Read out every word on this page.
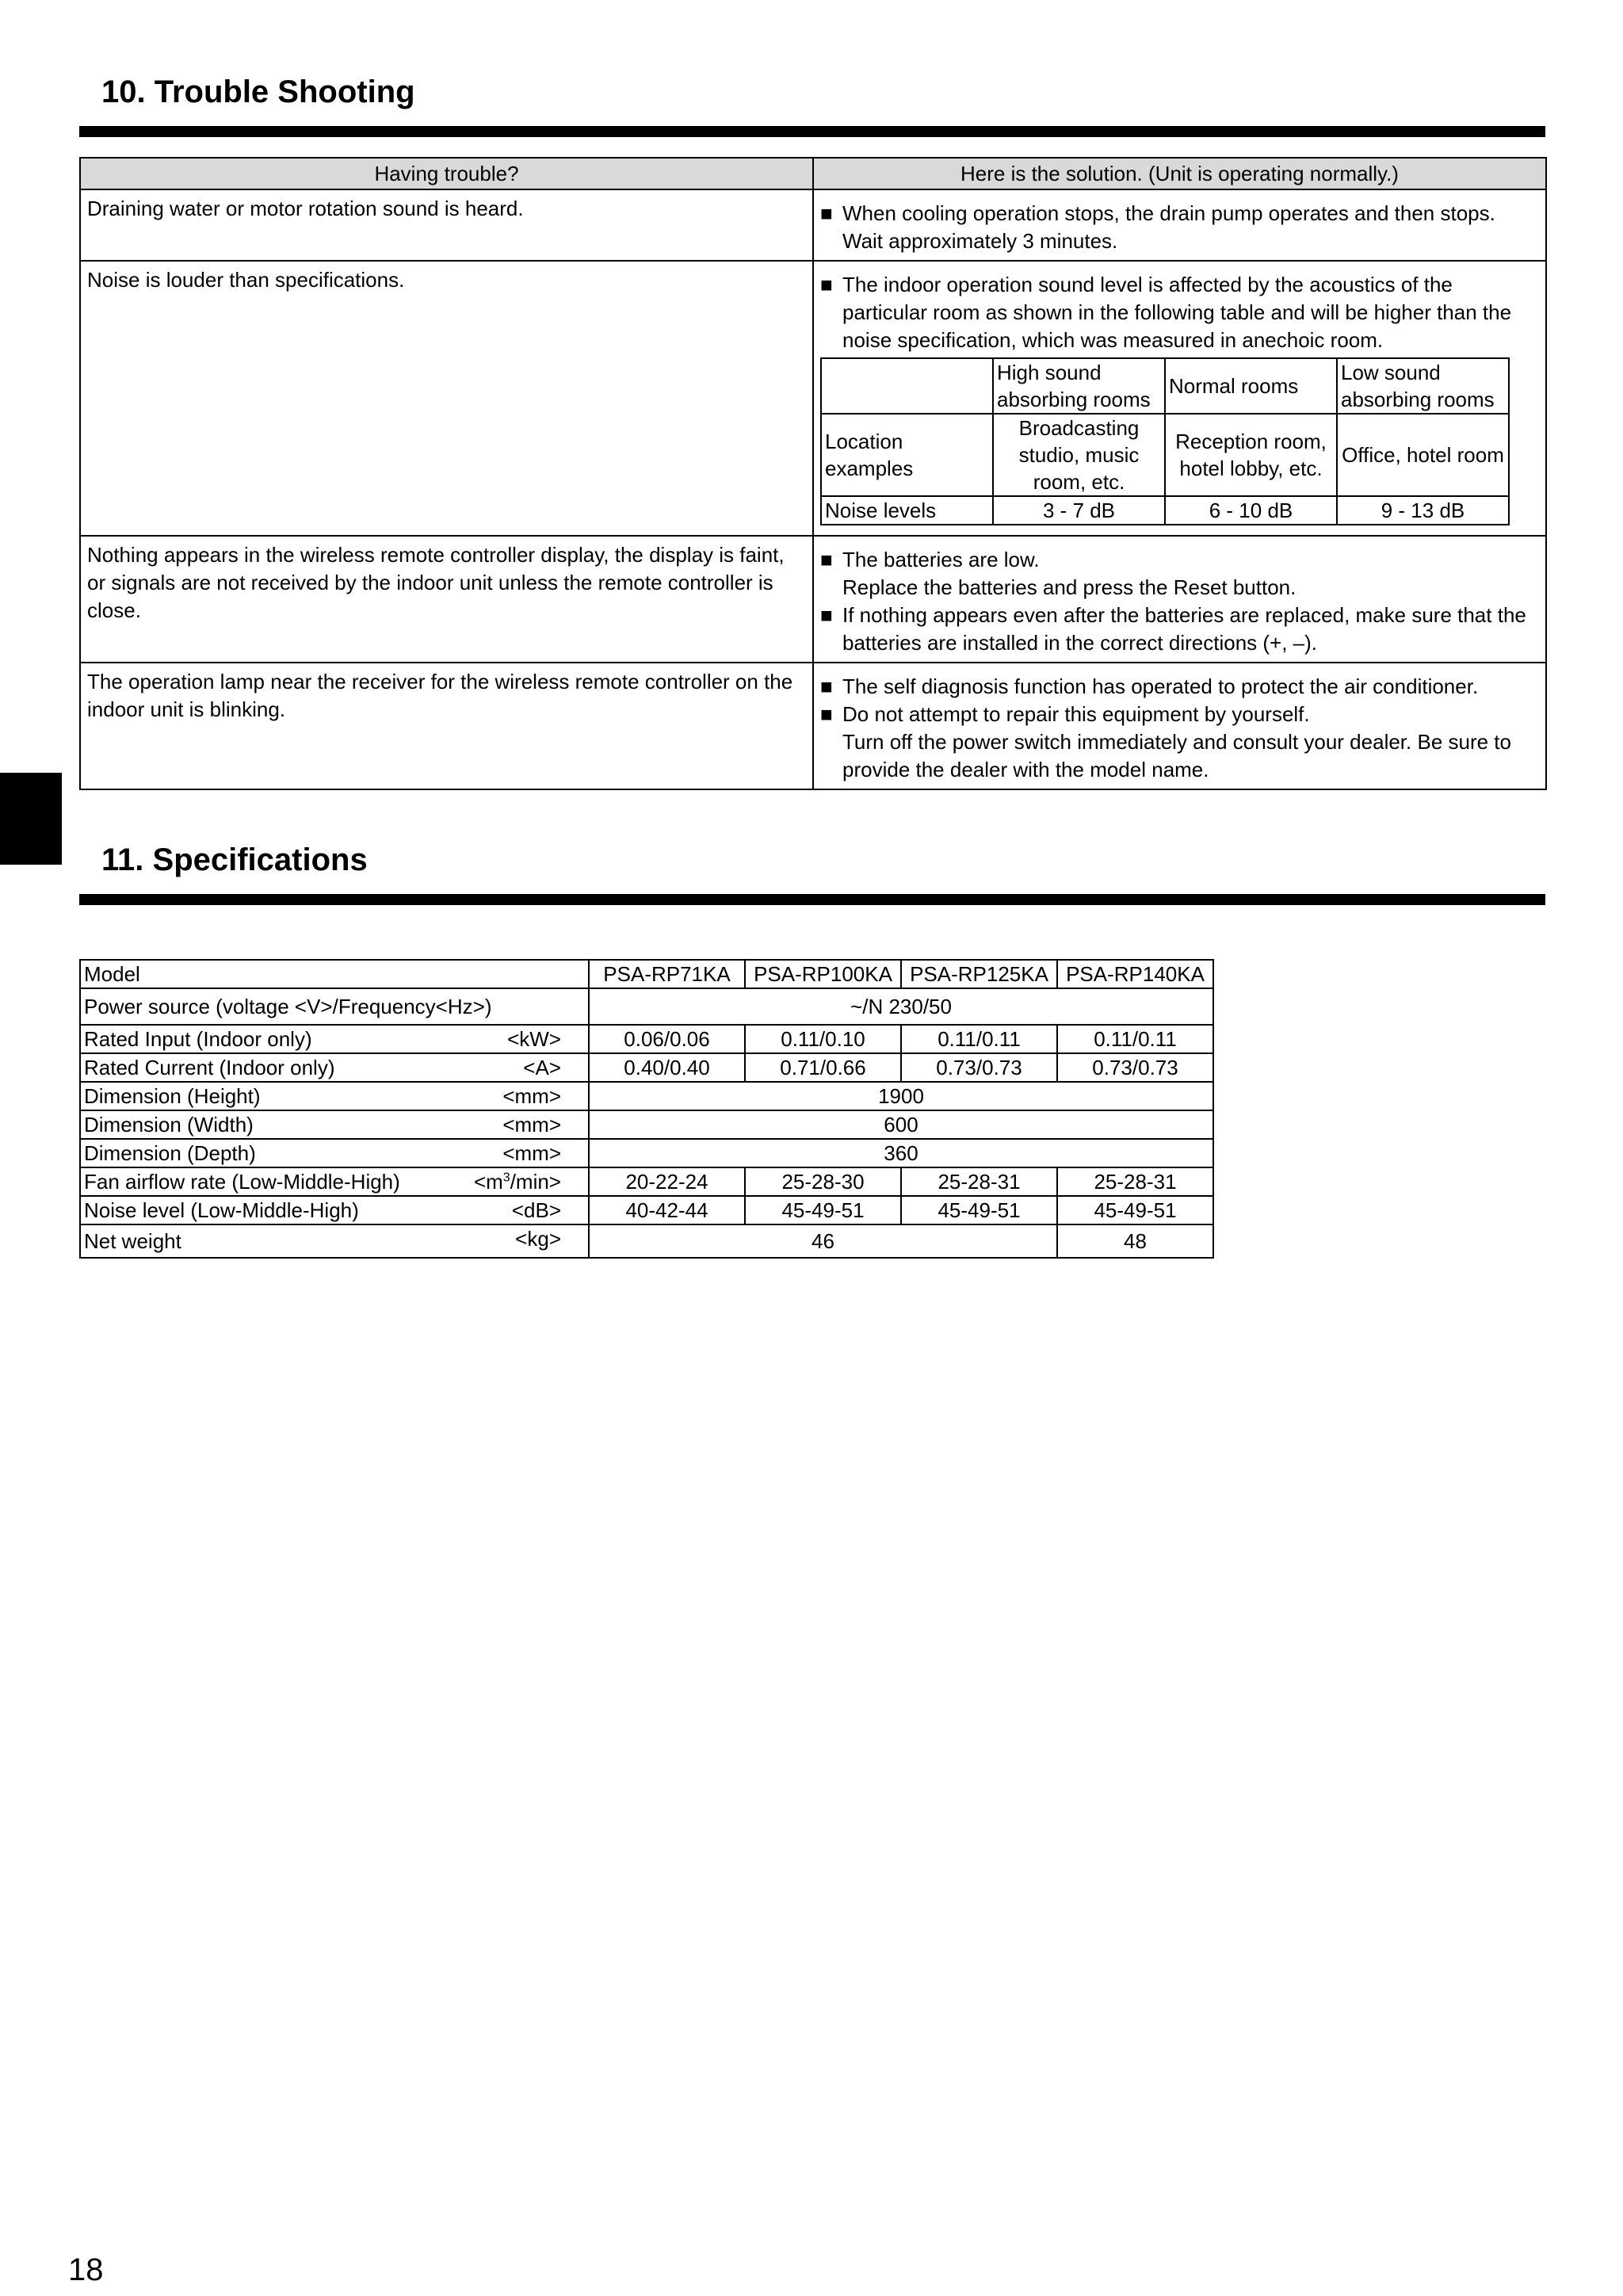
10. Trouble Shooting
Having trouble?	Here is the solution. (Unit is operating normally.)
Draining water or motor rotation sound is heard.	■ When cooling operation stops, the drain pump operates and then stops.
Wait approximately 3 minutes.

Noise is louder than specifications.	■ The indoor operation sound level is affected by the acoustics of the particular room as shown in the following table and will be higher than the noise specification, which was measured in anechoic room.
	High sound absorbing rooms	Normal rooms	Low sound absorbing rooms
Location examples	Broadcasting studio, music room, etc.	Reception room, hotel lobby, etc.	Office, hotel room
Noise levels	3 - 7 dB	6 - 10 dB	9 - 13 dB

Nothing appears in the wireless remote controller display, the display is faint, or signals are not received by the indoor unit unless the remote controller is close.	
■ The batteries are low.
Replace the batteries and press the Reset button.
■ If nothing appears even after the batteries are replaced, make sure that the batteries are installed in the correct directions (+, –).

The operation lamp near the receiver for the wireless remote controller on the indoor unit is blinking.	
■ The self diagnosis function has operated to protect the air conditioner.
■ Do not attempt to repair this equipment by yourself.
Turn off the power switch immediately and consult your dealer. Be sure to provide the dealer with the model name.
11. Specifications
Model	PSA-RP71KA	PSA-RP100KA	PSA-RP125KA	PSA-RP140KA
Power source (voltage <V>/Frequency<Hz>)	~/N 230/50			
Rated Input (Indoor only) <kW>	0.06/0.06	0.11/0.10	0.11/0.11	0.11/0.11
Rated Current (Indoor only) <A>	0.40/0.40	0.71/0.66	0.73/0.73	0.73/0.73
Dimension (Height) <mm>	1900			
Dimension (Width) <mm>	600			
Dimension (Depth) <mm>	360			
Fan airflow rate (Low-Middle-High) $<m^3/\min>$	20-22-24	25-28-30	25-28-31	25-28-31
Noise level (Low-Middle-High) <dB>	40-42-44	45-49-51	45-49-51	45-49-51
Net weight <kg>	46			48
18
